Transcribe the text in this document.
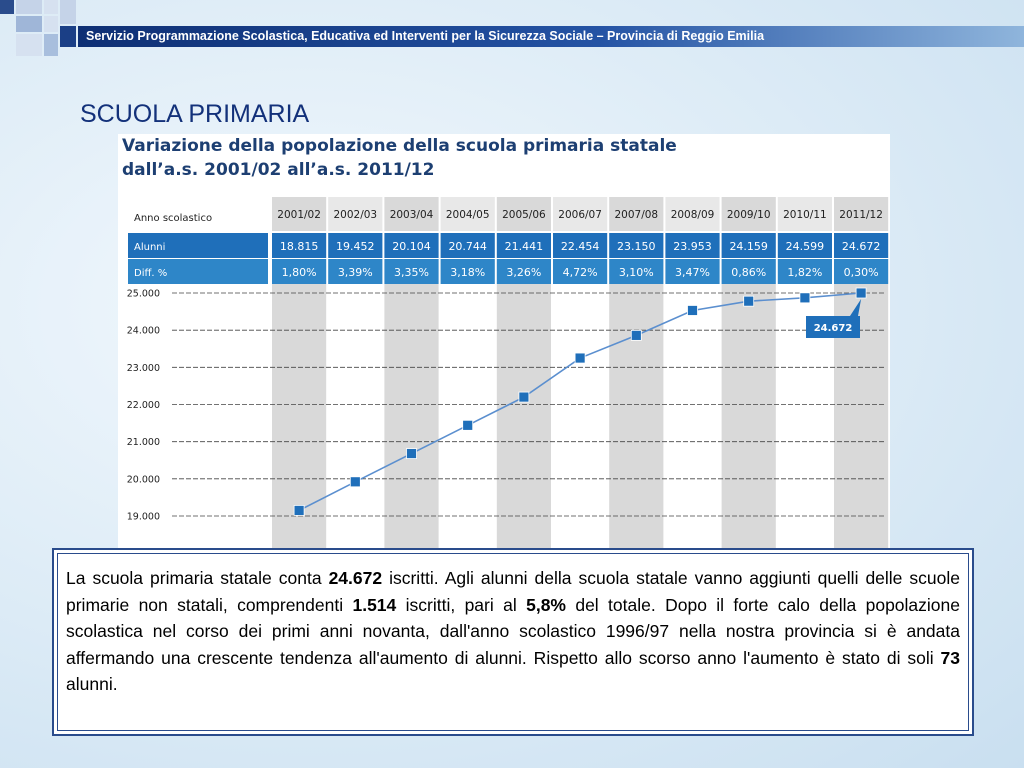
Servizio Programmazione Scolastica, Educativa ed Interventi per la Sicurezza Sociale – Provincia di Reggio Emilia
SCUOLA PRIMARIA
Variazione della popolazione della scuola primaria statale
dall’a.s. 2001/02 all’a.s. 2011/12
Anno scolastico	2001/02 2002/03 2003/04 2004/05 2005/06 2006/07 2007/08 2008/09 2009/10 2010/11 2011/12
Alunni	18.815 19.452 20.104 20.744 21.441 22.454 23.150 23.953 24.159 24.599 24.672
Diff. %	1,80% 3,39% 3,35% 3,18% 3,26% 4,72% 3,10% 3,47% 0,86% 1,82% 0,30%
19.000
20.000
21.000
22.000
23.000
24.000
25.000
24.672
La scuola primaria statale conta 24.672 iscritti. Agli alunni della scuola statale vanno aggiunti quelli delle scuole primarie non statali, comprendenti 1.514 iscritti, pari al 5,8% del totale. Dopo il forte calo della popolazione scolastica nel corso dei primi anni novanta, dall'anno scolastico 1996/97 nella nostra provincia si è andata affermando una crescente tendenza all'aumento di alunni. Rispetto allo scorso anno l'aumento è stato di soli 73 alunni.
